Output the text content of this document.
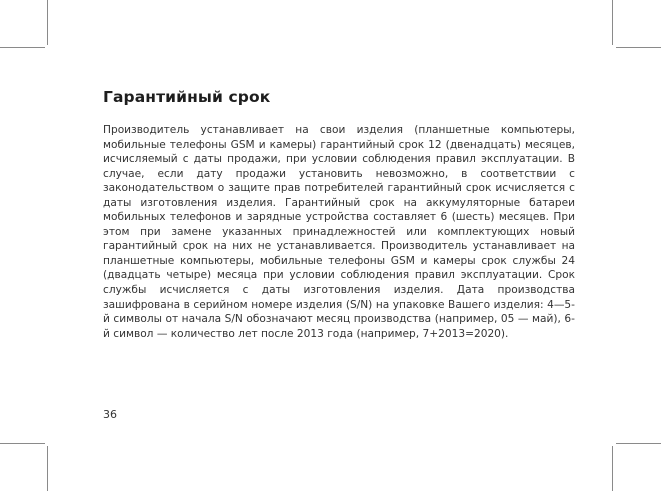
Гарантийный срок

Производитель устанавливает на свои изделия (планшетные компьютеры, мобильные телефоны GSM и камеры) гарантийный срок 12 (двенадцать) месяцев, исчисляемый с даты продажи, при условии соблюдения правил эксплуатации. В случае, если дату продажи установить невозможно, в соответствии с законодательством о защите прав потребителей гарантийный срок исчисляется с даты изготовления изделия. Гарантийный срок на аккумуляторные батареи мобильных телефонов и зарядные устройства составляет 6 (шесть) месяцев. При этом при замене указанных принадлежностей или комплектующих новый гарантийный срок на них не устанавливается. Производитель устанавливает на планшетные компьютеры, мобильные телефоны GSM и камеры срок службы 24 (двадцать четыре) месяца при условии соблюдения правил эксплуатации. Срок службы исчисляется с даты изготовления изделия. Дата производства зашифрована в серийном номере изделия (S/N) на упаковке Вашего изделия: 4—5-й символы от начала S/N обозначают месяц производства (например, 05 — май), 6-й символ — количество лет после 2013 года (например, 7+2013=2020).

36
